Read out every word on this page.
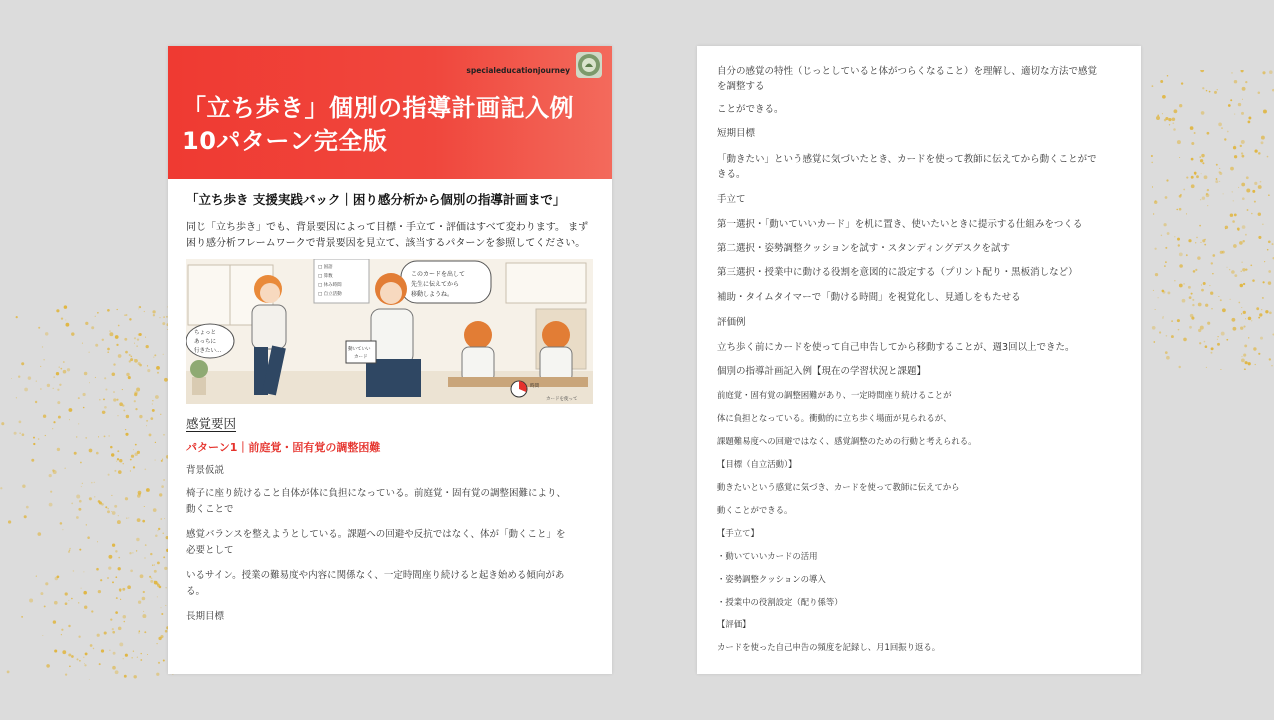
specialeducationjourney
「立ち歩き」個別の指導計画記入例
10パターン完全版
「立ち歩き 支援実践パック｜困り感分析から個別の指導計画まで」
同じ「立ち歩き」でも、背景要因によって目標・手立て・評価はすべて変わります。 まず
困り感分析フレームワークで背景要因を見立て、該当するパターンを参照してください。
□ 国語
□ 算数
□ 休み時間
□ 自立活動
このカードを出して
先生に伝えてから
移動しようね。
ちょっと
あっちに
行きたい…	動いていい
カード
時間
カードを使って
感覚要因
パターン1｜前庭覚・固有覚の調整困難
背景仮説
椅子に座り続けること自体が体に負担になっている。前庭覚・固有覚の調整困難により、
動くことで
感覚バランスを整えようとしている。課題への回避や反抗ではなく、体が「動くこと」を
必要として
いるサイン。授業の難易度や内容に関係なく、一定時間座り続けると起き始める傾向があ
る。
長期目標
自分の感覚の特性（じっとしていると体がつらくなること）を理解し、適切な方法で感覚
を調整する
ことができる。
短期目標
「動きたい」という感覚に気づいたとき、カードを使って教師に伝えてから動くことがで
きる。
手立て
第一選択・「動いていいカード」を机に置き、使いたいときに提示する仕組みをつくる
第二選択・姿勢調整クッションを試す・スタンディングデスクを試す
第三選択・授業中に動ける役割を意図的に設定する（プリント配り・黒板消しなど）
補助・タイムタイマーで「動ける時間」を視覚化し、見通しをもたせる
評価例
立ち歩く前にカードを使って自己申告してから移動することが、週3回以上できた。
個別の指導計画記入例【現在の学習状況と課題】
前庭覚・固有覚の調整困難があり、一定時間座り続けることが
体に負担となっている。衝動的に立ち歩く場面が見られるが、
課題難易度への回避ではなく、感覚調整のための行動と考えられる。
【目標（自立活動）】
動きたいという感覚に気づき、カードを使って教師に伝えてから
動くことができる。
【手立て】
・動いていいカードの活用
・姿勢調整クッションの導入
・授業中の役割設定（配り係等）
【評価】
カードを使った自己申告の頻度を記録し、月1回振り返る。
